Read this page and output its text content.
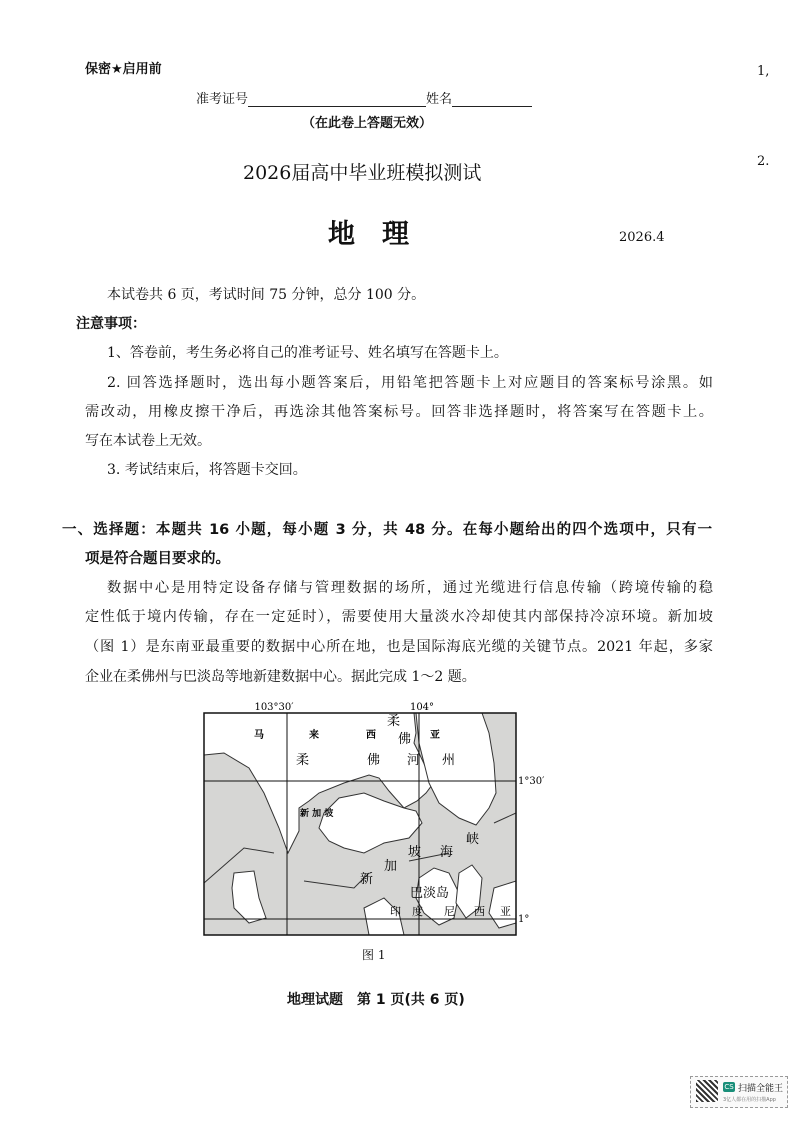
保密★启用前
准考证号	姓名
（在此卷上答题无效）
1,
2.
2026届高中毕业班模拟测试
地　理	2026.4
本试卷共 6 页，考试时间 75 分钟，总分 100 分。
注意事项：
1、答卷前，考生务必将自己的准考证号、姓名填写在答题卡上。
2. 回答选择题时，选出每小题答案后，用铅笔把答题卡上对应题目的答案标号涂黑。如
需改动，用橡皮擦干净后，再选涂其他答案标号。回答非选择题时，将答案写在答题卡上。
写在本试卷上无效。
3. 考试结束后，将答题卡交回。
一、选择题：本题共 16 小题，每小题 3 分，共 48 分。在每小题给出的四个选项中，只有一
项是符合题目要求的。
数据中心是用特定设备存储与管理数据的场所，通过光缆进行信息传输（跨境传输的稳
定性低于境内传输，存在一定延时），需要使用大量淡水冷却使其内部保持冷凉环境。新加坡
（图 1）是东南亚最重要的数据中心所在地，也是国际海底光缆的关键节点。2021 年起，多家
企业在柔佛州与巴淡岛等地新建数据中心。据此完成 1～2 题。
103°30′	104°
1°30′
1°
马	来	西	亚
新 加 坡
柔	佛	州
柔
佛
河
新
加
坡 海
峡
巴淡岛
印 度 尼 西 亚
图 1
地理试题　第 1 页(共 6 页)
CS 扫描全能王
3亿人都在用的扫描App
